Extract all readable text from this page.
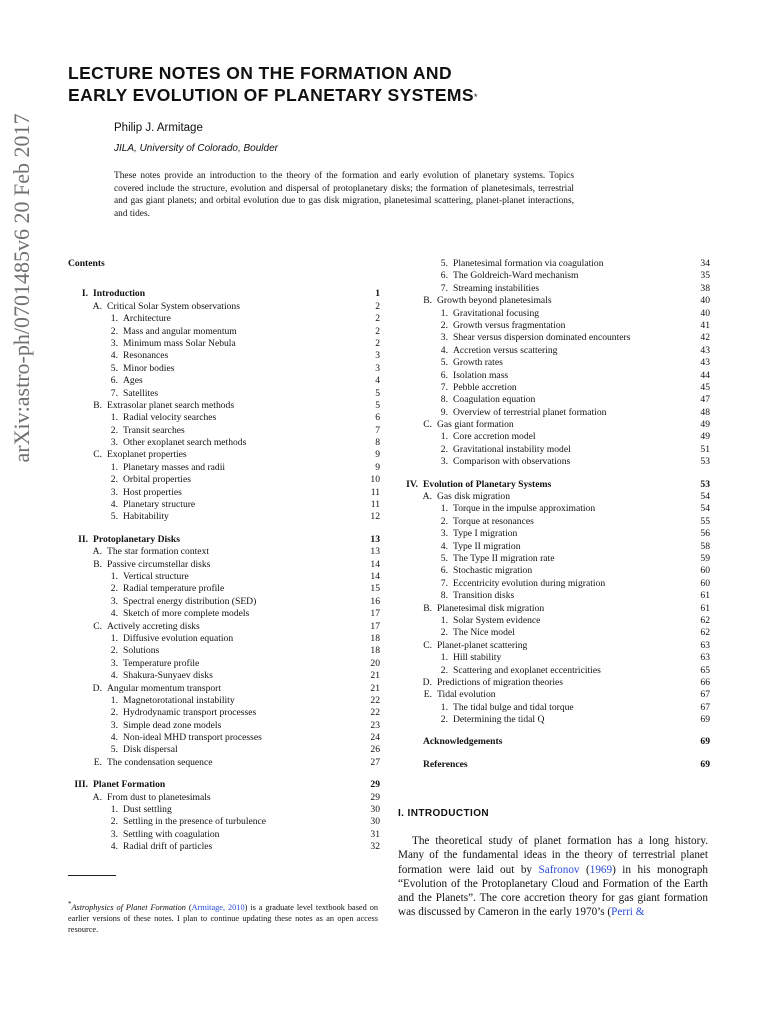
arXiv:astro-ph/0701485v6 20 Feb 2017
LECTURE NOTES ON THE FORMATION AND
EARLY EVOLUTION OF PLANETARY SYSTEMS*
Philip J. Armitage
JILA, University of Colorado, Boulder
These notes provide an introduction to the theory of the formation and early evolution of planetary systems. Topics covered include the structure, evolution and dispersal of protoplanetary disks; the formation of planetesimals, terrestrial and gas giant planets; and orbital evolution due to gas disk migration, planetesimal scattering, planet-planet interactions, and tides.
Contents
I. Introduction	1
A. Critical Solar System observations	2
1. Architecture	2
2. Mass and angular momentum	2
3. Minimum mass Solar Nebula	2
4. Resonances	3
5. Minor bodies	3
6. Ages	4
7. Satellites	5
B. Extrasolar planet search methods	5
1. Radial velocity searches	6
2. Transit searches	7
3. Other exoplanet search methods	8
C. Exoplanet properties	9
1. Planetary masses and radii	9
2. Orbital properties	10
3. Host properties	11
4. Planetary structure	11
5. Habitability	12
II. Protoplanetary Disks	13
A. The star formation context	13
B. Passive circumstellar disks	14
1. Vertical structure	14
2. Radial temperature profile	15
3. Spectral energy distribution (SED)	16
4. Sketch of more complete models	17
C. Actively accreting disks	17
1. Diffusive evolution equation	18
2. Solutions	18
3. Temperature profile	20
4. Shakura-Sunyaev disks	21
D. Angular momentum transport	21
1. Magnetorotational instability	22
2. Hydrodynamic transport processes	22
3. Simple dead zone models	23
4. Non-ideal MHD transport processes	24
5. Disk dispersal	26
E. The condensation sequence	27
III. Planet Formation	29
A. From dust to planetesimals	29
1. Dust settling	30
2. Settling in the presence of turbulence	30
3. Settling with coagulation	31
4. Radial drift of particles	32
5. Planetesimal formation via coagulation	34
6. The Goldreich-Ward mechanism	35
7. Streaming instabilities	38
B. Growth beyond planetesimals	40
1. Gravitational focusing	40
2. Growth versus fragmentation	41
3. Shear versus dispersion dominated encounters	42
4. Accretion versus scattering	43
5. Growth rates	43
6. Isolation mass	44
7. Pebble accretion	45
8. Coagulation equation	47
9. Overview of terrestrial planet formation	48
C. Gas giant formation	49
1. Core accretion model	49
2. Gravitational instability model	51
3. Comparison with observations	53
IV. Evolution of Planetary Systems	53
A. Gas disk migration	54
1. Torque in the impulse approximation	54
2. Torque at resonances	55
3. Type I migration	56
4. Type II migration	58
5. The Type II migration rate	59
6. Stochastic migration	60
7. Eccentricity evolution during migration	60
8. Transition disks	61
B. Planetesimal disk migration	61
1. Solar System evidence	62
2. The Nice model	62
C. Planet-planet scattering	63
1. Hill stability	63
2. Scattering and exoplanet eccentricities	65
D. Predictions of migration theories	66
E. Tidal evolution	67
1. The tidal bulge and tidal torque	67
2. Determining the tidal Q	69
Acknowledgements	69
References	69
*Astrophysics of Planet Formation (Armitage, 2010) is a graduate level textbook based on earlier versions of these notes. I plan to continue updating these notes as an open access resource.
I. INTRODUCTION
The theoretical study of planet formation has a long history. Many of the fundamental ideas in the theory of terrestrial planet formation were laid out by Safronov (1969) in his monograph “Evolution of the Protoplanetary Cloud and Formation of the Earth and the Planets”. The core accretion theory for gas giant formation was discussed by Cameron in the early 1970’s (Perri &
